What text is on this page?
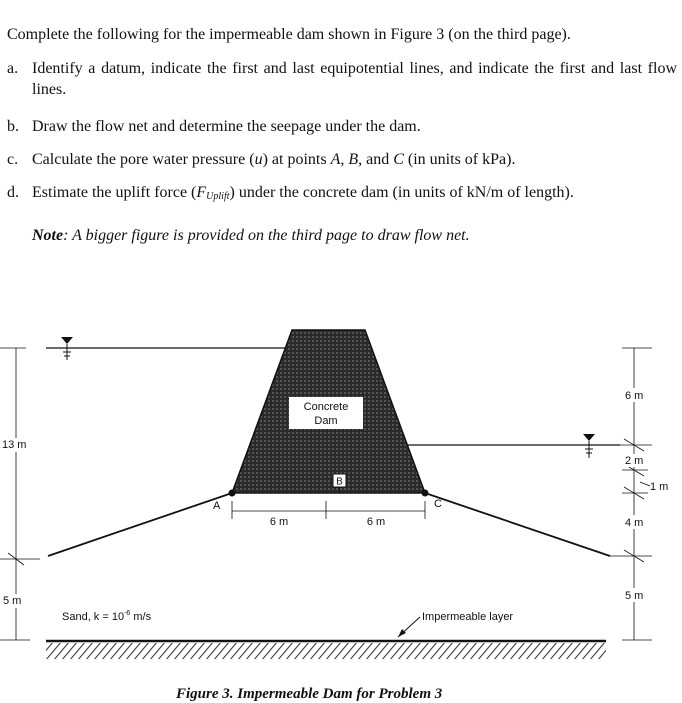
Complete the following for the impermeable dam shown in Figure 3 (on the third page).
a. Identify a datum, indicate the first and last equipotential lines, and indicate the first and last flow lines.
b. Draw the flow net and determine the seepage under the dam.
c. Calculate the pore water pressure (u) at points A, B, and C (in units of kPa).
d. Estimate the uplift force (FUplift) under the concrete dam (in units of kN/m of length).
Note: A bigger figure is provided on the third page to draw flow net.
Concrete
Dam
B
A	C
6 m	6 m
13 m
5 m
6 m
2 m
1 m
4 m
5 m
Sand, $k = 10^{-6}$ m/s	Impermeable layer
Figure 3. Impermeable Dam for Problem 3
